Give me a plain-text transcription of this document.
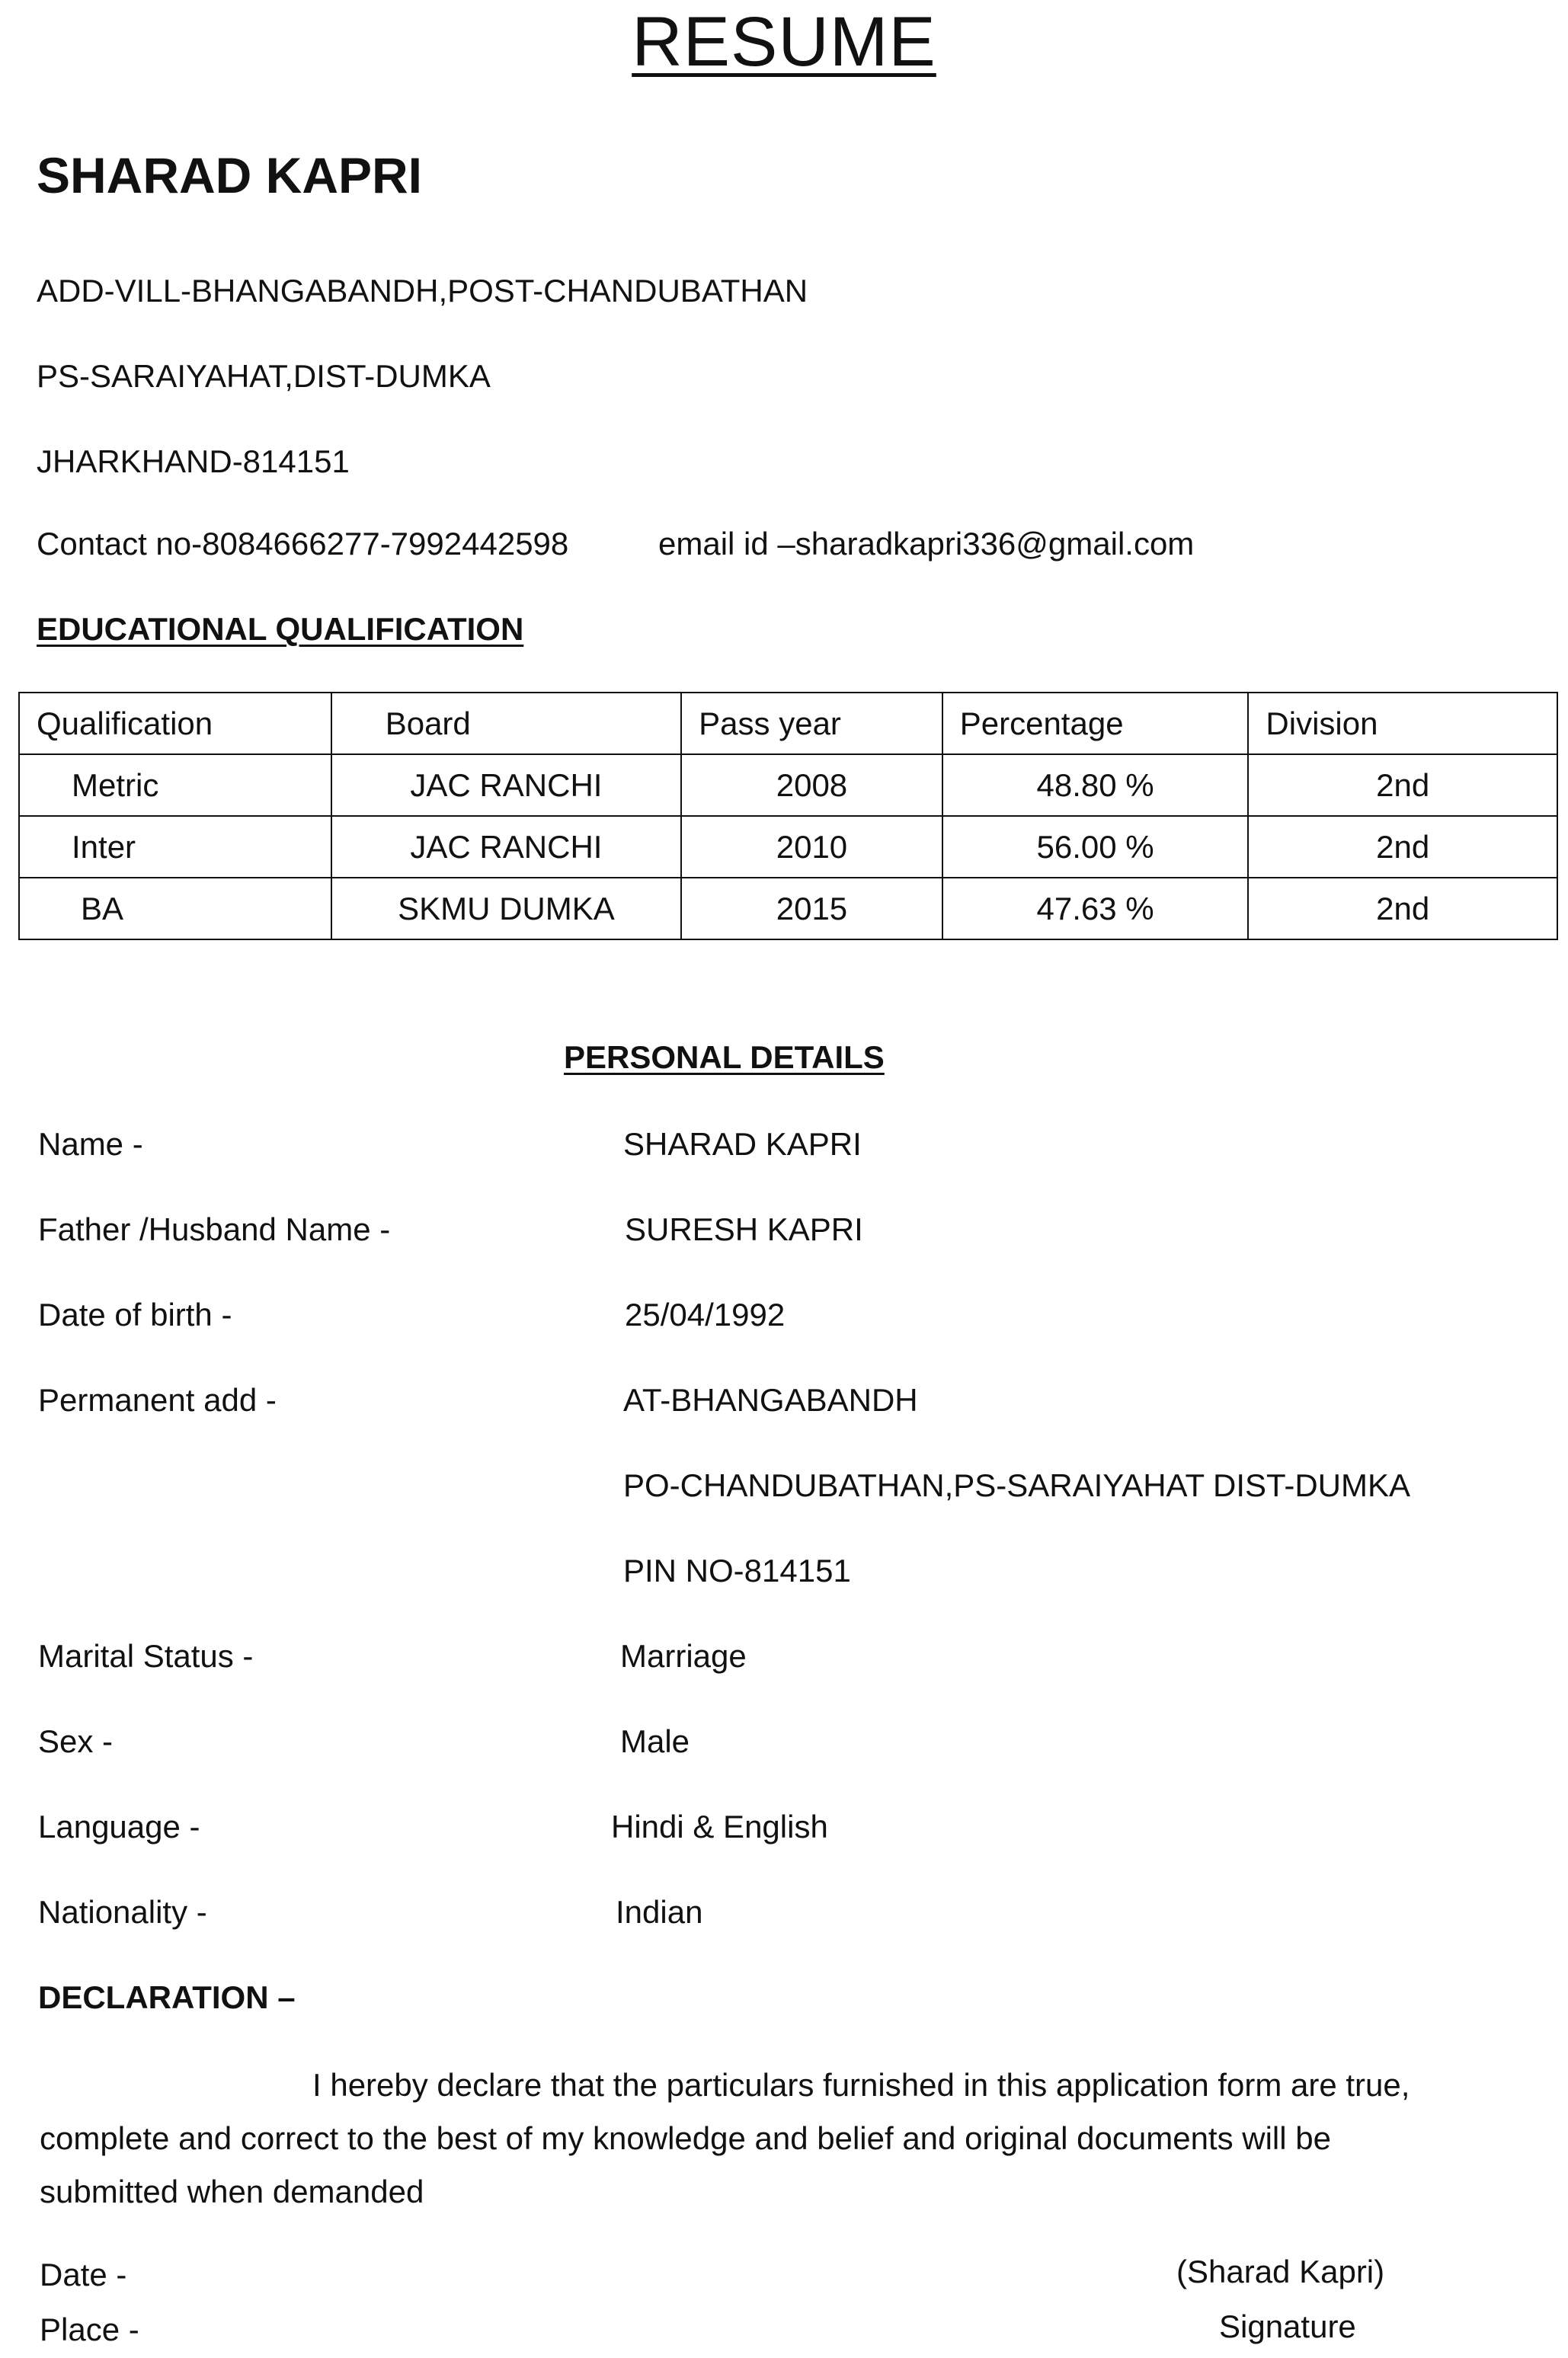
RESUME
SHARAD KAPRI
ADD-VILL-BHANGABANDH,POST-CHANDUBATHAN
PS-SARAIYAHAT,DIST-DUMKA
JHARKHAND-814151
Contact no-8084666277-7992442598	email id –sharadkapri336@gmail.com
EDUCATIONAL QUALIFICATION
Qualification	Board	Pass year	Percentage	Division
Metric	JAC RANCHI	2008	48.80 %	2nd
Inter	JAC RANCHI	2010	56.00 %	2nd
BA	SKMU DUMKA	2015	47.63 %	2nd
PERSONAL DETAILS
Name -	SHARAD KAPRI
Father /Husband Name -	SURESH KAPRI
Date of birth -	25/04/1992
Permanent add -	AT-BHANGABANDH
PO-CHANDUBATHAN,PS-SARAIYAHAT DIST-DUMKA
PIN NO-814151
Marital Status -	Marriage
Sex -	Male
Language -	Hindi & English
Nationality -	Indian
DECLARATION –
I hereby declare that the particulars furnished in this application form are true, complete and correct to the best of my knowledge and belief and original documents will be submitted when demanded
Date -
Place -
(Sharad Kapri)
Signature
